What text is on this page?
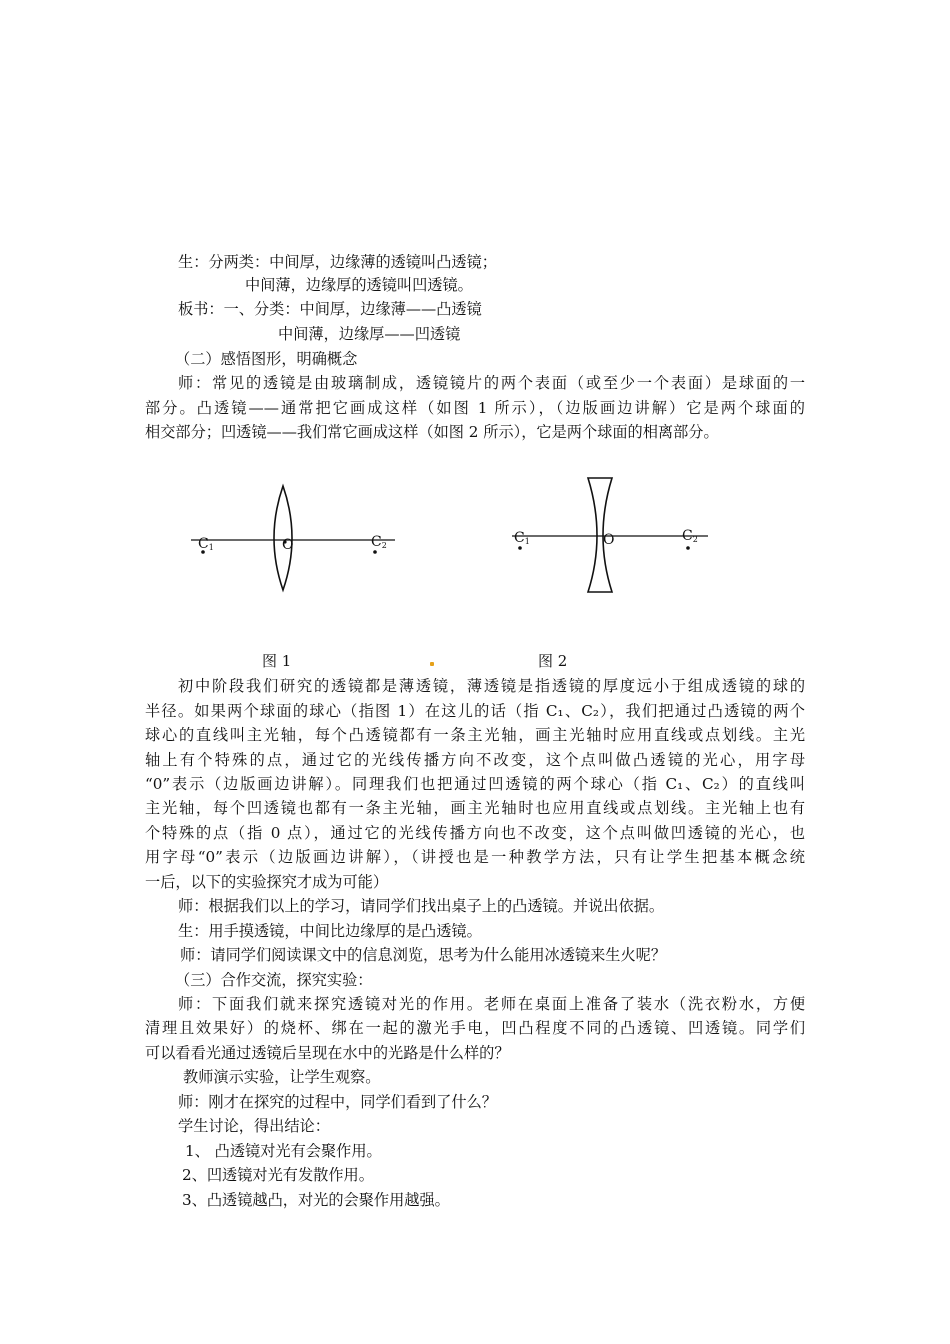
生：分两类：中间厚，边缘薄的透镜叫凸透镜；
中间薄，边缘厚的透镜叫凹透镜。
板书：一、分类：中间厚，边缘薄——凸透镜
中间薄，边缘厚——凹透镜
（二）感悟图形，明确概念
师：常见的透镜是由玻璃制成，透镜镜片的两个表面（或至少一个表面）是球面的一
部分。凸透镜——通常把它画成这样（如图 1 所示），（边版画边讲解）它是两个球面的
相交部分；凹透镜——我们常它画成这样（如图 2 所示），它是两个球面的相离部分。
C1	O	C2	C1	O	C2
图 1	图 2
初中阶段我们研究的透镜都是薄透镜，薄透镜是指透镜的厚度远小于组成透镜的球的
半径。如果两个球面的球心（指图 1）在这儿的话（指 C₁、C₂），我们把通过凸透镜的两个
球心的直线叫主光轴，每个凸透镜都有一条主光轴，画主光轴时应用直线或点划线。主光
轴上有个特殊的点，通过它的光线传播方向不改变，这个点叫做凸透镜的光心，用字母
“0”表示（边版画边讲解）。同理我们也把通过凹透镜的两个球心（指 C₁、C₂）的直线叫
主光轴，每个凹透镜也都有一条主光轴，画主光轴时也应用直线或点划线。主光轴上也有
个特殊的点（指 0 点），通过它的光线传播方向也不改变，这个点叫做凹透镜的光心，也
用字母“0”表示（边版画边讲解），（讲授也是一种教学方法，只有让学生把基本概念统
一后，以下的实验探究才成为可能）
师：根据我们以上的学习，请同学们找出桌子上的凸透镜。并说出依据。
生：用手摸透镜，中间比边缘厚的是凸透镜。
师：请同学们阅读课文中的信息浏览，思考为什么能用冰透镜来生火呢？
（三）合作交流，探究实验：
师：下面我们就来探究透镜对光的作用。老师在桌面上准备了装水（洗衣粉水，方便
清理且效果好）的烧杯、绑在一起的激光手电，凹凸程度不同的凸透镜、凹透镜。同学们
可以看看光通过透镜后呈现在水中的光路是什么样的？
教师演示实验，让学生观察。
师：刚才在探究的过程中，同学们看到了什么？
学生讨论，得出结论：
1、 凸透镜对光有会聚作用。
2、凹透镜对光有发散作用。
3、凸透镜越凸，对光的会聚作用越强。
